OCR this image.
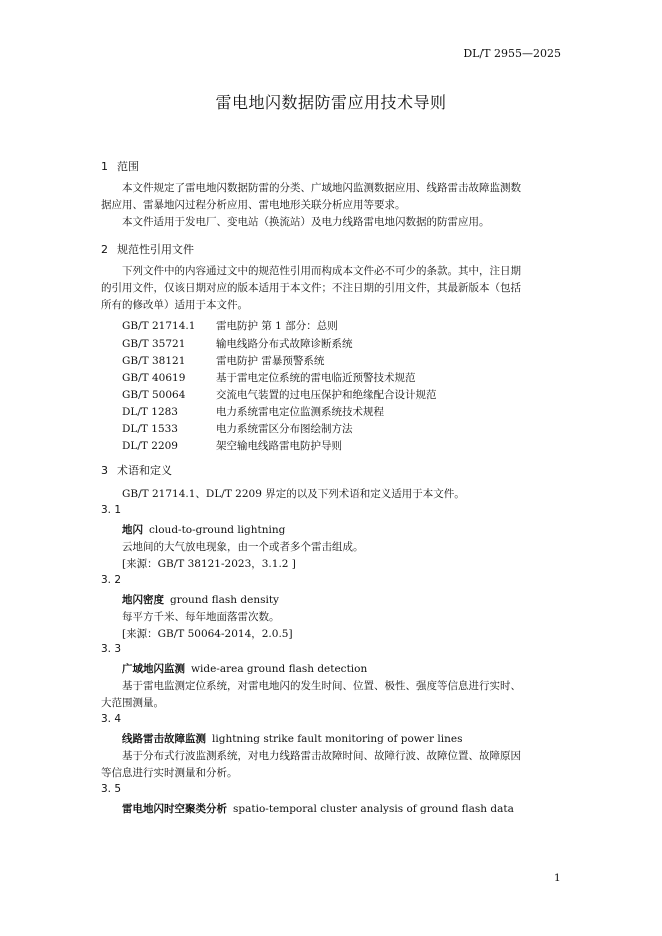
DL/T 2955—2025
雷电地闪数据防雷应用技术导则
1 范围
本文件规定了雷电地闪数据防雷的分类、广域地闪监测数据应用、线路雷击故障监测数
据应用、雷暴地闪过程分析应用、雷电地形关联分析应用等要求。
本文件适用于发电厂、变电站（换流站）及电力线路雷电地闪数据的防雷应用。
2 规范性引用文件
下列文件中的内容通过文中的规范性引用而构成本文件必不可少的条款。其中，注日期
的引用文件，仅该日期对应的版本适用于本文件；不注日期的引用文件，其最新版本（包括
所有的修改单）适用于本文件。
GB/T 21714.1 雷电防护 第 1 部分：总则
GB/T 35721	输电线路分布式故障诊断系统
GB/T 38121	雷电防护 雷暴预警系统
GB/T 40619	基于雷电定位系统的雷电临近预警技术规范
GB/T 50064	交流电气装置的过电压保护和绝缘配合设计规范
DL/T 1283	电力系统雷电定位监测系统技术规程
DL/T 1533	电力系统雷区分布图绘制方法
DL/T 2209	架空输电线路雷电防护导则
3 术语和定义
GB/T 21714.1、DL/T 2209 界定的以及下列术语和定义适用于本文件。
3. 1
地闪 cloud-to-ground lightning
云地间的大气放电现象，由一个或者多个雷击组成。
[来源：GB/T 38121-2023，3.1.2 ]
3. 2
地闪密度 ground flash density
每平方千米、每年地面落雷次数。
[来源：GB/T 50064-2014，2.0.5]
3. 3
广域地闪监测 wide-area ground flash detection
基于雷电监测定位系统，对雷电地闪的发生时间、位置、极性、强度等信息进行实时、
大范围测量。
3. 4
线路雷击故障监测 lightning strike fault monitoring of power lines
基于分布式行波监测系统，对电力线路雷击故障时间、故障行波、故障位置、故障原因
等信息进行实时测量和分析。
3. 5
雷电地闪时空聚类分析 spatio-temporal cluster analysis of ground flash data
1
